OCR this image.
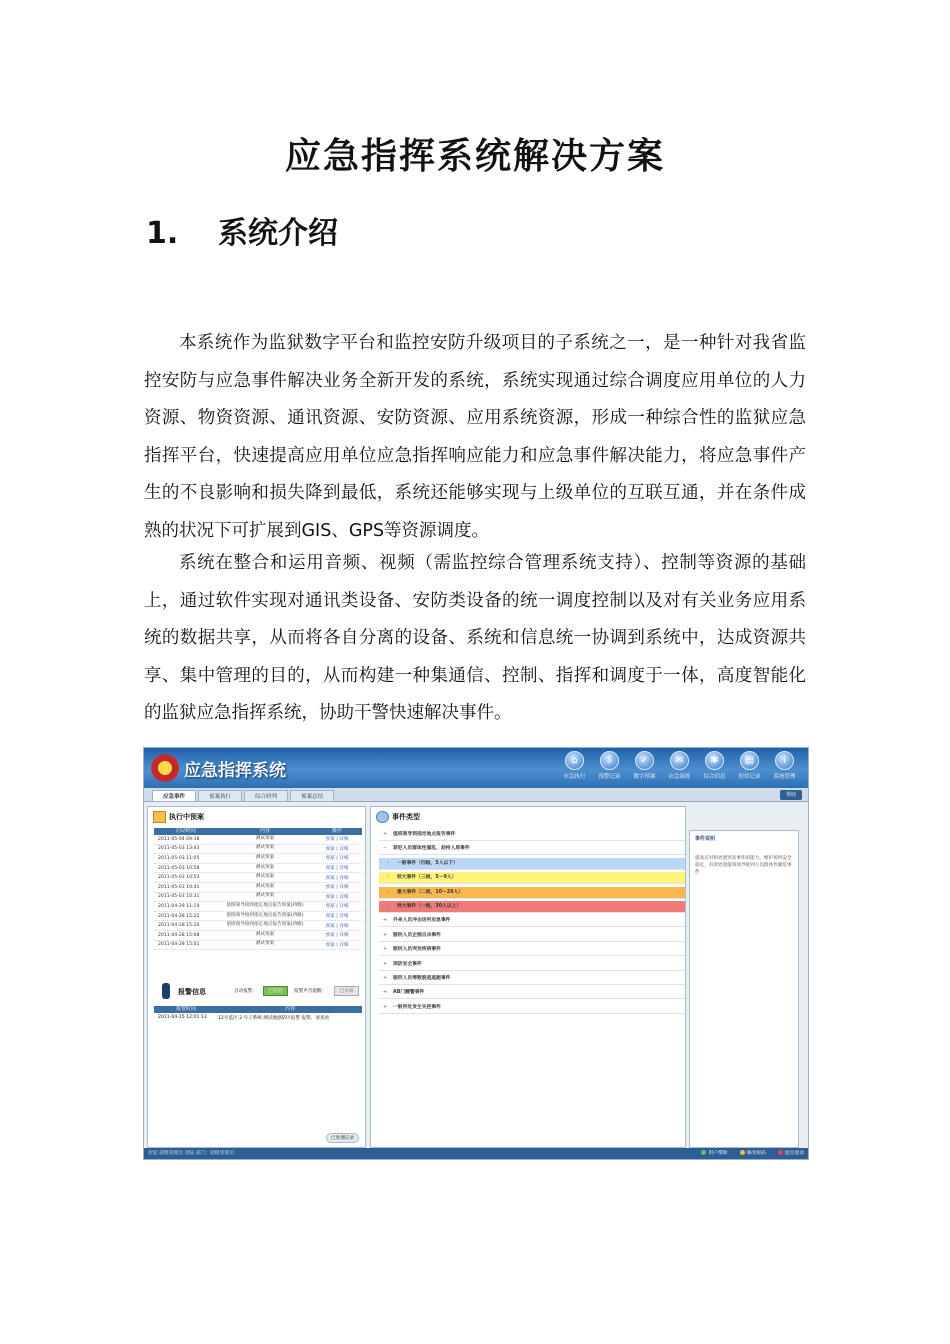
应急指挥系统解决方案
1. 系统介绍

本系统作为监狱数字平台和监控安防升级项目的子系统之一，是一种针对我省监控安防与应急事件解决业务全新开发的系统，系统实现通过综合调度应用单位的人力资源、物资资源、通讯资源、安防资源、应用系统资源，形成一种综合性的监狱应急指挥平台，快速提高应用单位应急指挥响应能力和应急事件解决能力，将应急事件产生的不良影响和损失降到最低，系统还能够实现与上级单位的互联互通，并在条件成熟的状况下可扩展到GIS、GPS等资源调度。

系统在整合和运用音频、视频（需监控综合管理系统支持）、控制等资源的基础上，通过软件实现对通讯类设备、安防类设备的统一调度控制以及对有关业务应用系统的数据共享，从而将各自分离的设备、系统和信息统一协调到系统中，达成资源共享、集中管理的目的，从而构建一种集通信、控制、指挥和调度于一体，高度智能化的监狱应急指挥系统，协助干警快速解决事件。

应急指挥系统
⌂
应急执行
⇩
预警记录
✓
数字预案
✉
应急演练
✱
综合信息
▤
短信记录
i
系统管理
应急事件	预案执行	综合研判	预案总结	帮助
执行中预案
启动时间	内容	操作
2011-05-04 09:38	测试预案	预案 | 详细
2011-05-03 13:43	测试预案	预案 | 详细
2011-05-03 11:05	测试预案	预案 | 详细
2011-05-03 10:58	测试预案	预案 | 详细
2011-05-03 10:53	测试预案	预案 | 详细
2011-05-03 10:41	测试预案	预案 | 详细
2011-05-03 10:31	测试预案	预案 | 详细
2011-04-29 11:19	值班领导接到指定地点报告预案(四级)	预案 | 详细
2011-04-28 15:22	值班领导接到指定地点报告预案(四级)	预案 | 详细
2011-04-28 15:20	值班领导接到指定地点报告预案(四级)	预案 | 详细
2011-04-28 15:08	测试预案	预案 | 详细
2011-04-28 15:01	测试预案	预案 | 详细
报警信息	自动报警：	已开启	报警声音提醒：	已关闭
报警时间	内容
2011-04-15 12:01:13	12号监区 2 号子系统 测试地感防区报警 报警、请查看
已处理记录
事件类型
+ 值班领导到指定地点报告事件
− 罪犯人员群体性骚乱、劫持人质事件
› 一般事件（四级，5人以下）
› 较大事件（三级，5～9人）
› 重大事件（二级，10～29人）
› 特大事件（一级，30人以上）
+ 外来人员冲击场所应急事件
+ 服刑人员企图自杀事件
+ 服刑人员突发疾病事件
+ 消防安全事件
+ 服刑人员零散脱逃逃跑事件
+ AB门翻警事件
+ 一般所处发生失控事件
事件说明
提高应对和处置突发事件的能力，维护场所安全稳定，有效处置值班领导接到人员群体性骚乱事件
欢迎 超级管理员 登陆 部门：超级管理员	用户帮助	修改密码	退出登录
